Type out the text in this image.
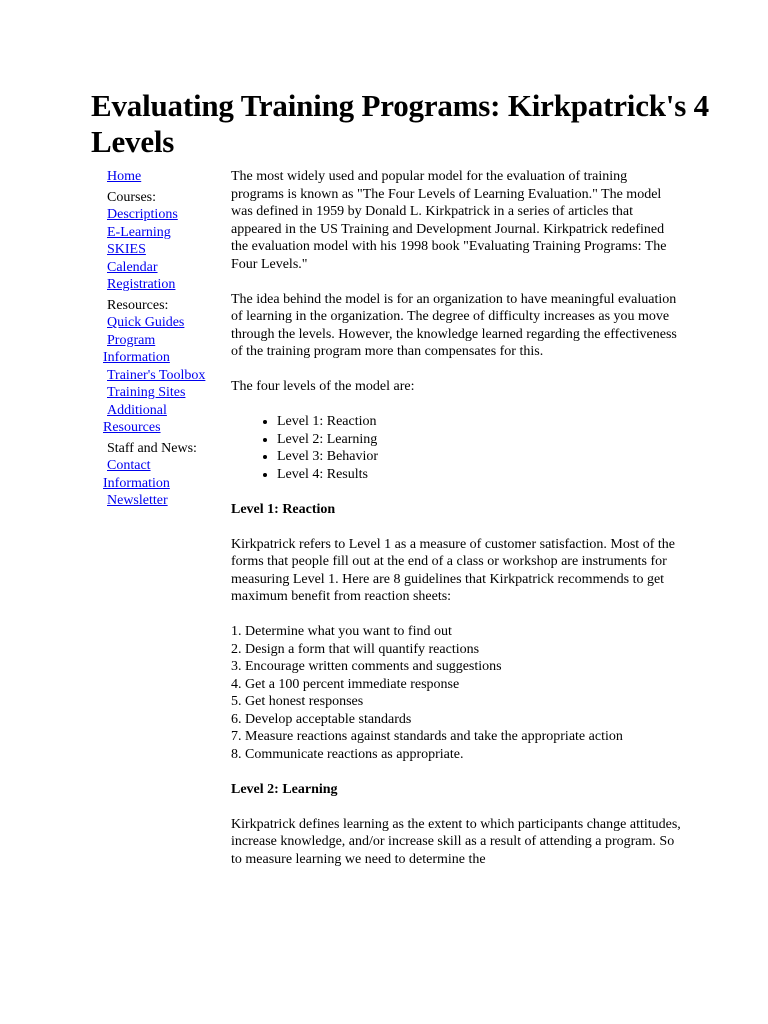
Evaluating Training Programs: Kirkpatrick's 4 Levels
Home
Courses:
Descriptions
E-Learning
SKIES
Calendar
Registration
Resources:
Quick Guides
Program
Information
Trainer's Toolbox
Training Sites
Additional
Resources
Staff and News:
Contact
Information
Newsletter

The most widely used and popular model for the evaluation of training programs is known as "The Four Levels of Learning Evaluation." The model was defined in 1959 by Donald L. Kirkpatrick in a series of articles that appeared in the US Training and Development Journal. Kirkpatrick redefined the evaluation model with his 1998 book "Evaluating Training Programs: The Four Levels."

The idea behind the model is for an organization to have meaningful evaluation of learning in the organization. The degree of difficulty increases as you move through the levels. However, the knowledge learned regarding the effectiveness of the training program more than compensates for this.

The four levels of the model are:

• Level 1: Reaction
• Level 2: Learning
• Level 3: Behavior
• Level 4: Results
Level 1: Reaction

Kirkpatrick refers to Level 1 as a measure of customer satisfaction. Most of the forms that people fill out at the end of a class or workshop are instruments for measuring Level 1. Here are 8 guidelines that Kirkpatrick recommends to get maximum benefit from reaction sheets:

1. Determine what you want to find out
2. Design a form that will quantify reactions
3. Encourage written comments and suggestions
4. Get a 100 percent immediate response
5. Get honest responses
6. Develop acceptable standards
7. Measure reactions against standards and take the appropriate action
8. Communicate reactions as appropriate.
Level 2: Learning

Kirkpatrick defines learning as the extent to which participants change attitudes, increase knowledge, and/or increase skill as a result of attending a program. So to measure learning we need to determine the
